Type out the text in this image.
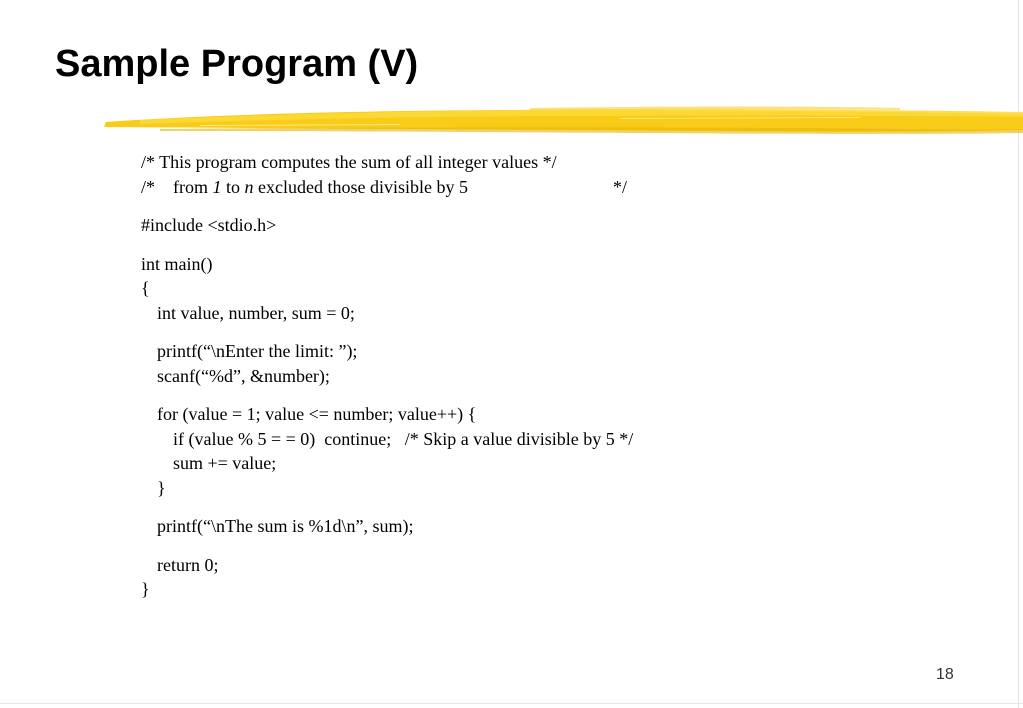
Sample Program (V)
/* This program computes the sum of all integer values */
/*    from 1 to n excluded those divisible by 5	*/
#include <stdio.h>
int main()
{
int value, number, sum = 0;
printf(“\nEnter the limit: ”);
scanf(“%d”, &number);
for (value = 1; value <= number; value++) {
if (value % 5 = = 0)  continue;   /* Skip a value divisible by 5 */
sum += value;
}
printf(“\nThe sum is %1d\n”, sum);
return 0;
}
18
